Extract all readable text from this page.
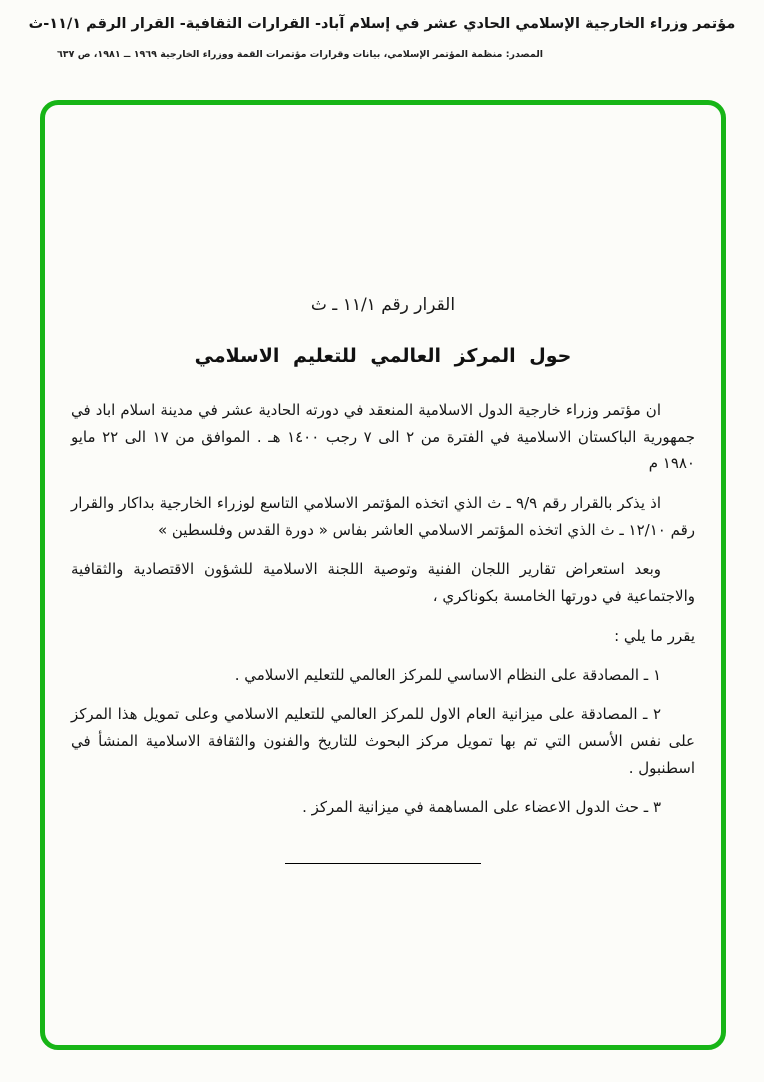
مؤتمر وزراء الخارجية الإسلامي الحادي عشر في إسلام آباد- القرارات الثقافية- القرار الرقم ١١/١-ث
المصدر: منظمة المؤتمر الإسلامي، بيانات وقرارات مؤتمرات القمة ووزراء الخارجية ١٩٦٩ ــ ١٩٨١، ص ٦٣٧
القرار رقم ١١/١ ـ ث
حول المركز العالمي للتعليم الاسلامي

ان مؤتمر وزراء خارجية الدول الاسلامية المنعقد في دورته الحادية عشر في مدينة اسلام اباد في جمهورية الباكستان الاسلامية في الفترة من ٢ الى ٧ رجب ١٤٠٠ هـ . الموافق من ١٧ الى ٢٢ مايو ١٩٨٠ م

اذ يذكر بالقرار رقم ٩/٩ ـ ث الذي اتخذه المؤتمر الاسلامي التاسع لوزراء الخارجية بداكار والقرار رقم ١٢/١٠ ـ ث الذي اتخذه المؤتمر الاسلامي العاشر بفاس « دورة القدس وفلسطين »

وبعد استعراض تقارير اللجان الفنية وتوصية اللجنة الاسلامية للشؤون الاقتصادية والثقافية والاجتماعية في دورتها الخامسة بكوناكري ،

يقرر ما يلي :

١ ـ المصادقة على النظام الاساسي للمركز العالمي للتعليم الاسلامي .

٢ ـ المصادقة على ميزانية العام الاول للمركز العالمي للتعليم الاسلامي وعلى تمويل هذا المركز على نفس الأسس التي تم بها تمويل مركز البحوث للتاريخ والفنون والثقافة الاسلامية المنشأ في اسطنبول .

٣ ـ حث الدول الاعضاء على المساهمة في ميزانية المركز .
